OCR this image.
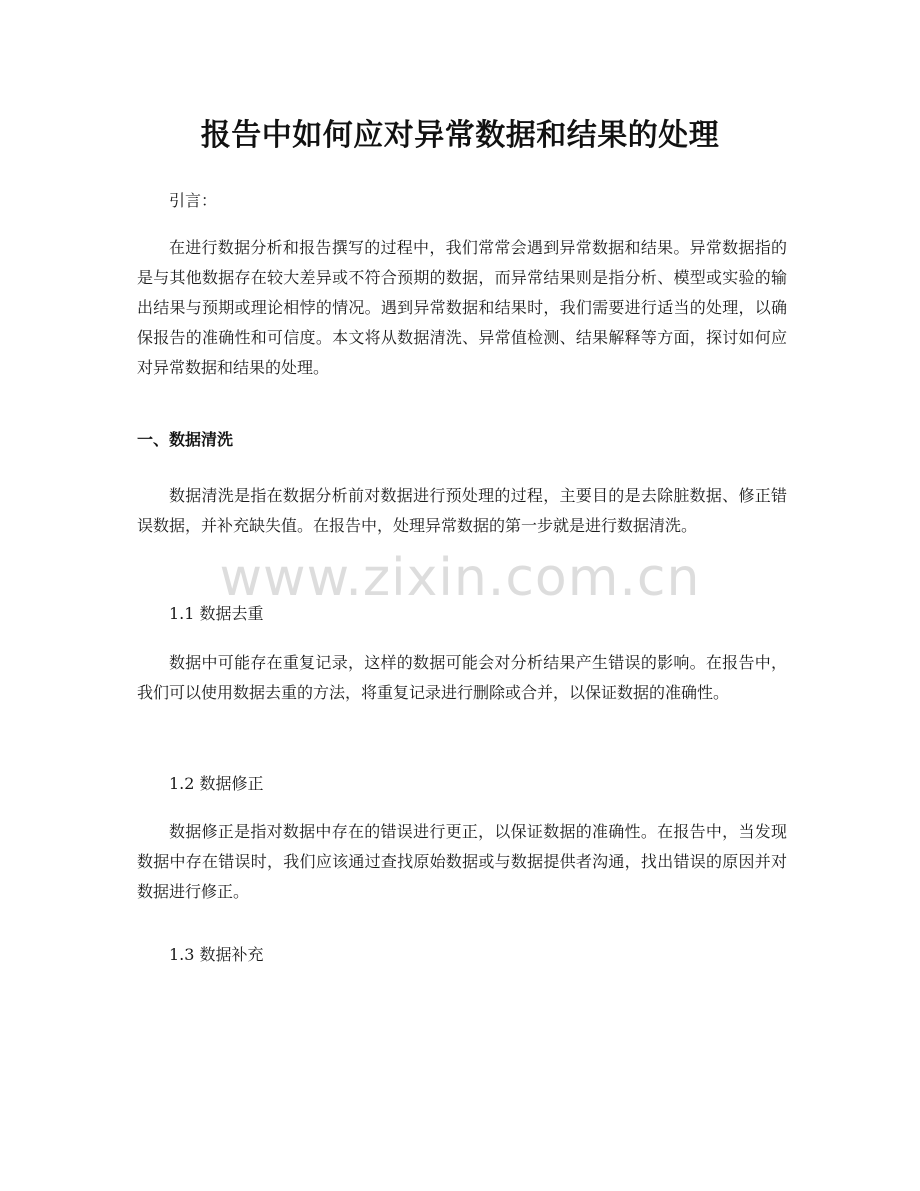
报告中如何应对异常数据和结果的处理
引言：
在进行数据分析和报告撰写的过程中，我们常常会遇到异常数据和结果。异常数据指的是与其他数据存在较大差异或不符合预期的数据，而异常结果则是指分析、模型或实验的输出结果与预期或理论相悖的情况。遇到异常数据和结果时，我们需要进行适当的处理，以确保报告的准确性和可信度。本文将从数据清洗、异常值检测、结果解释等方面，探讨如何应对异常数据和结果的处理。
一、数据清洗
数据清洗是指在数据分析前对数据进行预处理的过程，主要目的是去除脏数据、修正错误数据，并补充缺失值。在报告中，处理异常数据的第一步就是进行数据清洗。
1.1 数据去重
数据中可能存在重复记录，这样的数据可能会对分析结果产生错误的影响。在报告中，我们可以使用数据去重的方法，将重复记录进行删除或合并，以保证数据的准确性。
1.2 数据修正
数据修正是指对数据中存在的错误进行更正，以保证数据的准确性。在报告中，当发现数据中存在错误时，我们应该通过查找原始数据或与数据提供者沟通，找出错误的原因并对数据进行修正。
1.3 数据补充
www.zixin.com.cn
